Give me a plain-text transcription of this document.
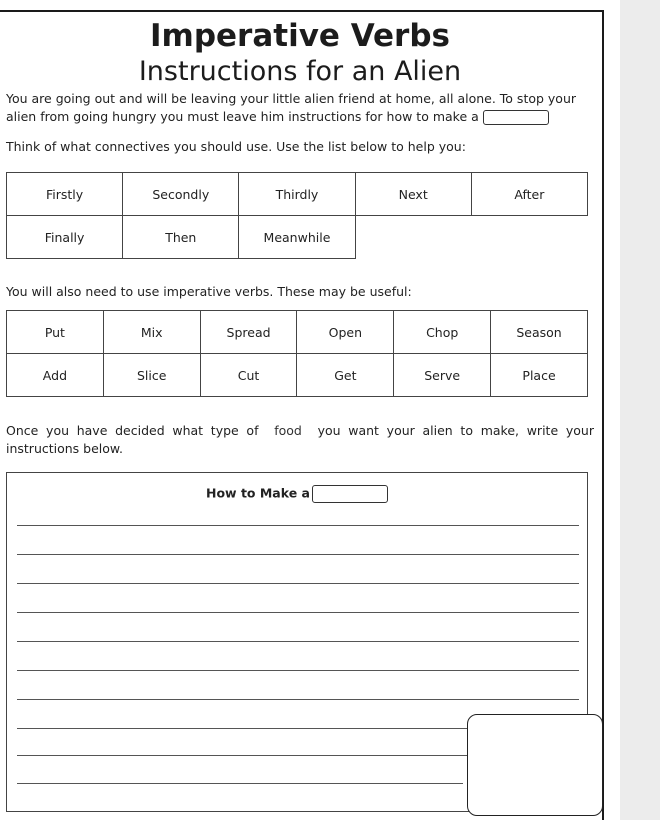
Imperative Verbs
Instructions for an Alien
You are going out and will be leaving your little alien friend at home, all alone. To stop your alien from going hungry you must leave him instructions for how to make a
Think of what connectives you should use. Use the list below to help you:
Firstly	Secondly	Thirdly	Next	After
Finally	Then	Meanwhile		
You will also need to use imperative verbs. These may be useful:
Put	Mix	Spread	Open	Chop	Season
Add	Slice	Cut	Get	Serve	Place
Once you have decided what type of food you want your alien to make, write your instructions below.
How to Make a
